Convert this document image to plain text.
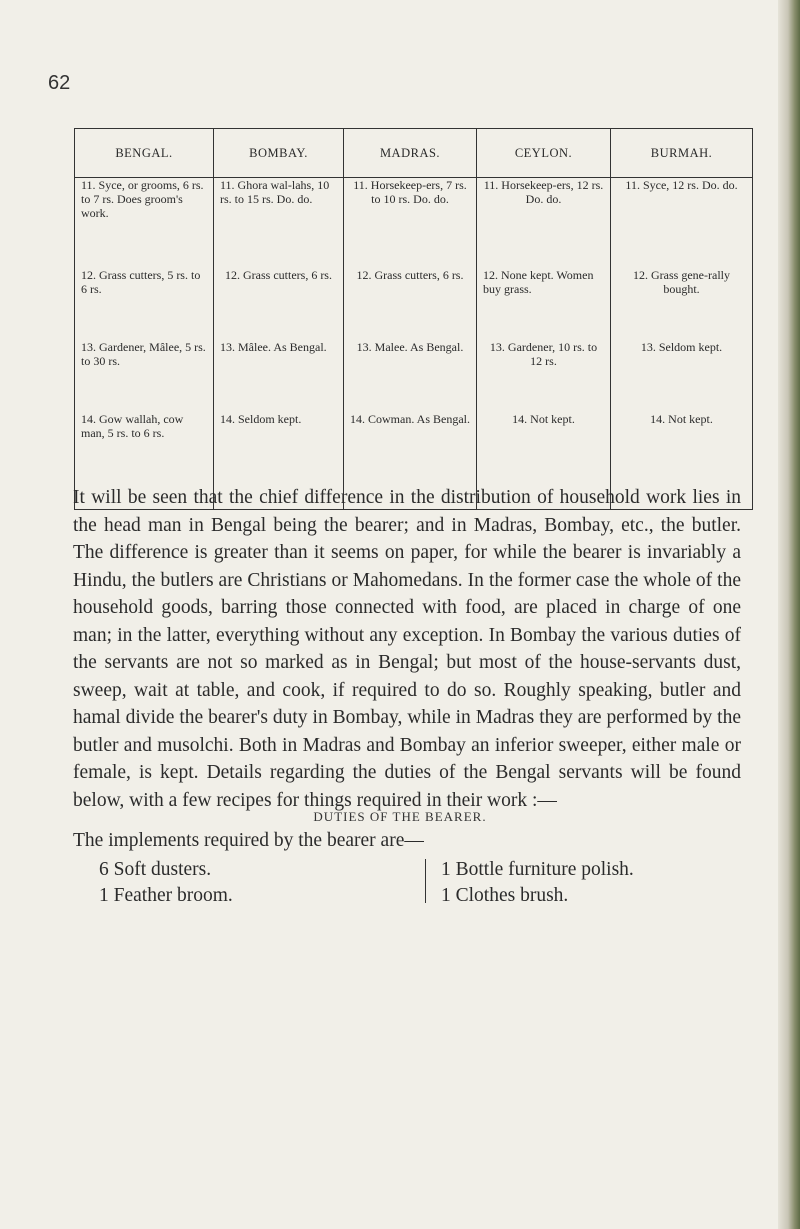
62
BENGAL.	BOMBAY.	MADRAS.	CEYLON.	BURMAH.
11. Syce, or grooms, 6 rs. to 7 rs. Does groom's work.	11. Ghora wal-lahs, 10 rs. to 15 rs. Do. do.	11. Horsekeep-ers, 7 rs. to 10 rs. Do. do.	11. Horsekeep-ers, 12 rs. Do. do.	11. Syce, 12 rs. Do. do.
12. Grass cutters, 5 rs. to 6 rs.	12. Grass cutters, 6 rs.	12. Grass cutters, 6 rs.	12. None kept. Women buy grass.	12. Grass gene-rally bought.
13. Gardener, Mâlee, 5 rs. to 30 rs.	13. Mâlee. As Bengal.	13. Malee. As Bengal.	13. Gardener, 10 rs. to 12 rs.	13. Seldom kept.
14. Gow wallah, cow man, 5 rs. to 6 rs.	14. Seldom kept.	14. Cowman. As Bengal.	14. Not kept.	14. Not kept.

It will be seen that the chief difference in the distribution of household work lies in the head man in Bengal being the bearer; and in Madras, Bombay, etc., the butler. The difference is greater than it seems on paper, for while the bearer is invariably a Hindu, the butlers are Christians or Mahomedans. In the former case the whole of the household goods, barring those connected with food, are placed in charge of one man; in the latter, everything without any exception. In Bombay the various duties of the servants are not so marked as in Bengal; but most of the house-servants dust, sweep, wait at table, and cook, if required to do so. Roughly speaking, butler and hamal divide the bearer's duty in Bombay, while in Madras they are performed by the butler and musolchi. Both in Madras and Bombay an inferior sweeper, either male or female, is kept. Details regarding the duties of the Bengal servants will be found below, with a few recipes for things required in their work :—

DUTIES OF THE BEARER.
The implements required by the bearer are—
6 Soft dusters.
1 Feather broom.
1 Bottle furniture polish.
1 Clothes brush.
